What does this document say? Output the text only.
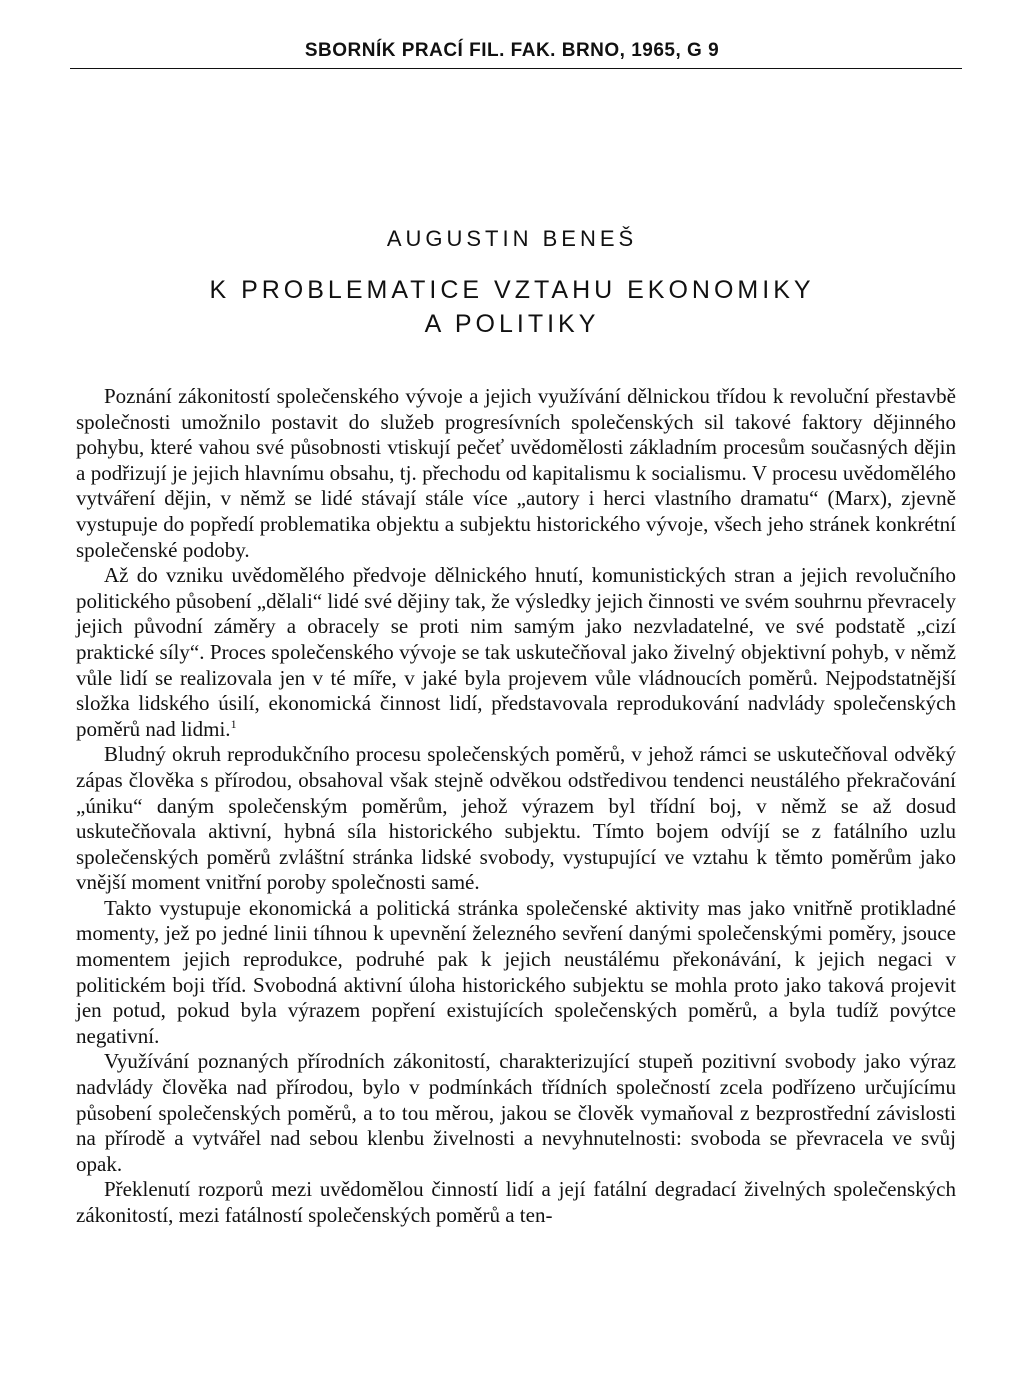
SBORNÍK PRACÍ FIL. FAK. BRNO, 1965, G 9
AUGUSTIN BENEŠ
K PROBLEMATICE VZTAHU EKONOMIKY
A POLITIKY

Poznání zákonitostí společenského vývoje a jejich využívání dělnickou třídou k revoluční přestavbě společnosti umožnilo postavit do služeb progresívních společenských sil takové faktory dějinného pohybu, které vahou své působnosti vtiskují pečeť uvědomělosti základním procesům současných dějin a podřizují je jejich hlavnímu obsahu, tj. přechodu od kapitalismu k socialismu. V procesu uvědomělého vytváření dějin, v němž se lidé stávají stále více „autory i herci vlastního dramatu“ (Marx), zjevně vystupuje do popředí problematika objektu a subjektu historického vývoje, všech jeho stránek konkrétní společenské podoby.

Až do vzniku uvědomělého předvoje dělnického hnutí, komunistických stran a jejich revolučního politického působení „dělali“ lidé své dějiny tak, že výsledky jejich činnosti ve svém souhrnu převracely jejich původní záměry a obracely se proti nim samým jako nezvladatelné, ve své podstatě „cizí praktické síly“. Proces společenského vývoje se tak uskutečňoval jako živelný objektivní pohyb, v němž vůle lidí se realizovala jen v té míře, v jaké byla projevem vůle vládnoucích poměrů. Nejpodstatnější složka lidského úsilí, ekonomická činnost lidí, představovala reprodukování nadvlády společenských poměrů nad lidmi.$^1$

Bludný okruh reprodukčního procesu společenských poměrů, v jehož rámci se uskutečňoval odvěký zápas člověka s přírodou, obsahoval však stejně odvěkou odstředivou tendenci neustálého překračování „úniku“ daným společenským poměrům, jehož výrazem byl třídní boj, v němž se až dosud uskutečňovala aktivní, hybná síla historického subjektu. Tímto bojem odvíjí se z fatálního uzlu společenských poměrů zvláštní stránka lidské svobody, vystupující ve vztahu k těmto poměrům jako vnější moment vnitřní poroby společnosti samé.

Takto vystupuje ekonomická a politická stránka společenské aktivity mas jako vnitřně protikladné momenty, jež po jedné linii tíhnou k upevnění železného sevření danými společenskými poměry, jsouce momentem jejich reprodukce, podruhé pak k jejich neustálému překonávání, k jejich negaci v politickém boji tříd. Svobodná aktivní úloha historického subjektu se mohla proto jako taková projevit jen potud, pokud byla výrazem popření existujících společenských poměrů, a byla tudíž povýtce negativní.

Využívání poznaných přírodních zákonitostí, charakterizující stupeň pozitivní svobody jako výraz nadvlády člověka nad přírodou, bylo v podmínkách třídních společností zcela podřízeno určujícímu působení společenských poměrů, a to tou měrou, jakou se člověk vymaňoval z bezprostřední závislosti na přírodě a vytvářel nad sebou klenbu živelnosti a nevyhnutelnosti: svoboda se převracela ve svůj opak.

Překlenutí rozporů mezi uvědomělou činností lidí a její fatální degradací živelných společenských zákonitostí, mezi fatálností společenských poměrů a ten-
